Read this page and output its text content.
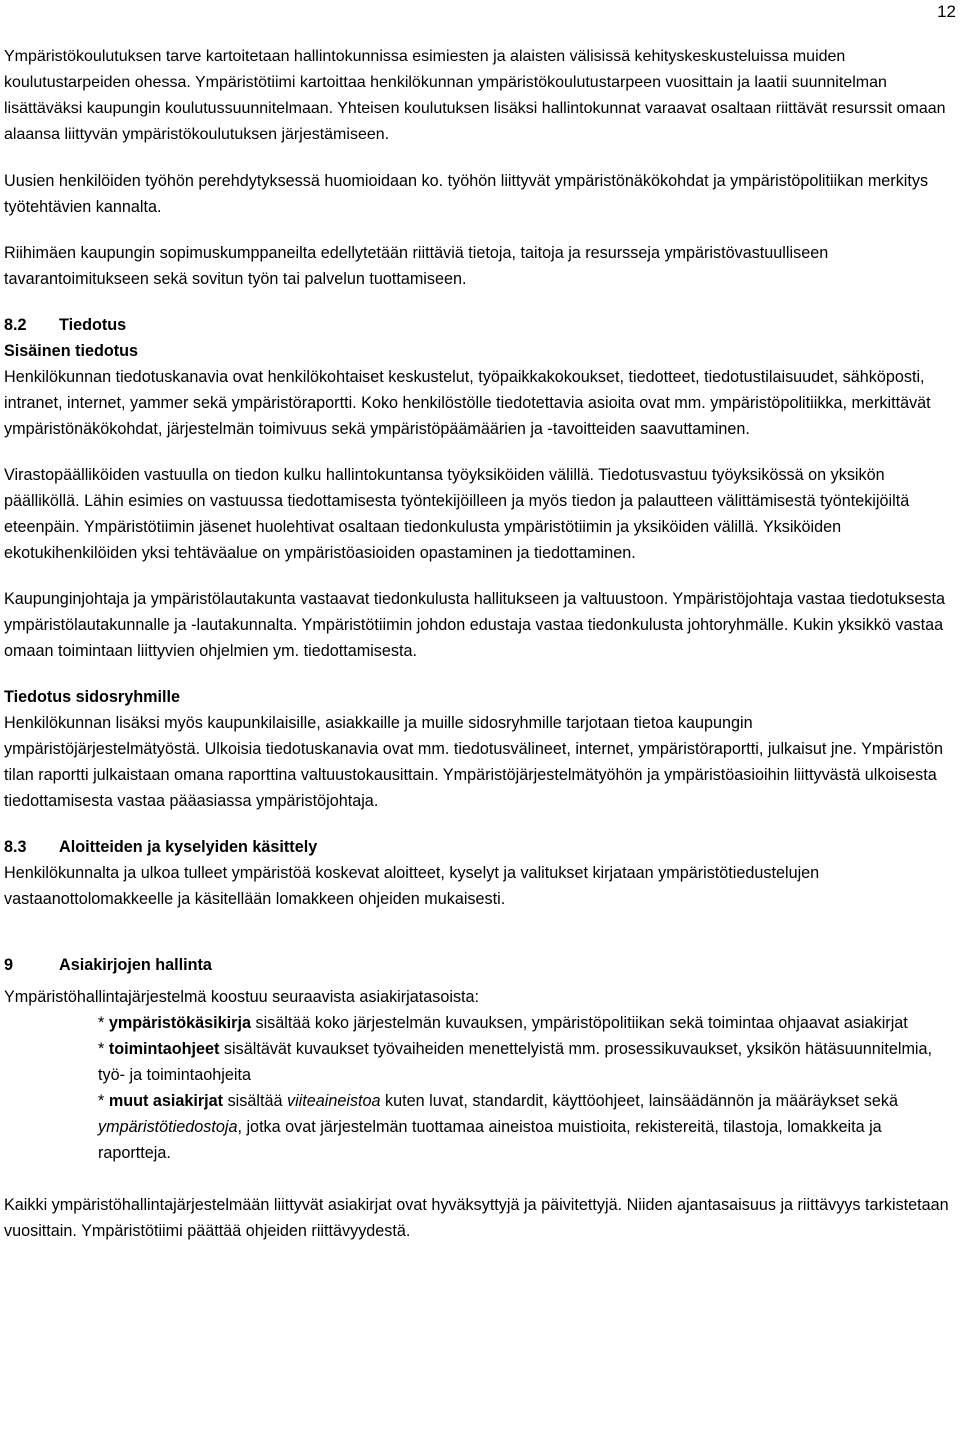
12

Ympäristökoulutuksen tarve kartoitetaan hallintokunnissa esimiesten ja alaisten välisissä kehityskeskusteluissa muiden koulutustarpeiden ohessa. Ympäristötiimi kartoittaa henkilökunnan ympäristökoulutustarpeen vuosittain ja laatii suunnitelman lisättäväksi kaupungin koulutussuunnitelmaan. Yhteisen koulutuksen lisäksi hallintokunnat varaavat osaltaan riittävät resurssit omaan alaansa liittyvän ympäristökoulutuksen järjestämiseen.

Uusien henkilöiden työhön perehdytyksessä huomioidaan ko. työhön liittyvät ympäristönäkökohdat ja ympäristöpolitiikan merkitys työtehtävien kannalta.

Riihimäen kaupungin sopimuskumppaneilta edellytetään riittäviä tietoja, taitoja ja resursseja ympäristövastuulliseen tavarantoimitukseen sekä sovitun työn tai palvelun tuottamiseen.

8.2 Tiedotus

Sisäinen tiedotus

Henkilökunnan tiedotuskanavia ovat henkilökohtaiset keskustelut, työpaikkakokoukset, tiedotteet, tiedotustilaisuudet, sähköposti, intranet, internet, yammer sekä ympäristöraportti. Koko henkilöstölle tiedotettavia asioita ovat mm. ympäristöpolitiikka, merkittävät ympäristönäkökohdat, järjestelmän toimivuus sekä ympäristöpäämäärien ja -tavoitteiden saavuttaminen.

Virastopäälliköiden vastuulla on tiedon kulku hallintokuntansa työyksiköiden välillä. Tiedotusvastuu työyksikössä on yksikön päälliköllä. Lähin esimies on vastuussa tiedottamisesta työntekijöilleen ja myös tiedon ja palautteen välittämisestä työntekijöiltä eteenpäin. Ympäristötiimin jäsenet huolehtivat osaltaan tiedonkulusta ympäristötiimin ja yksiköiden välillä. Yksiköiden ekotukihenkilöiden yksi tehtäväalue on ympäristöasioiden opastaminen ja tiedottaminen.

Kaupunginjohtaja ja ympäristölautakunta vastaavat tiedonkulusta hallitukseen ja valtuustoon. Ympäristöjohtaja vastaa tiedotuksesta ympäristölautakunnalle ja -lautakunnalta. Ympäristötiimin johdon edustaja vastaa tiedonkulusta johtoryhmälle. Kukin yksikkö vastaa omaan toimintaan liittyvien ohjelmien ym. tiedottamisesta.

Tiedotus sidosryhmille

Henkilökunnan lisäksi myös kaupunkilaisille, asiakkaille ja muille sidosryhmille tarjotaan tietoa kaupungin ympäristöjärjestelmätyöstä. Ulkoisia tiedotuskanavia ovat mm. tiedotusvälineet, internet, ympäristöraportti, julkaisut jne. Ympäristön tilan raportti julkaistaan omana raporttina valtuustokausittain. Ympäristöjärjestelmätyöhön ja ympäristöasioihin liittyvästä ulkoisesta tiedottamisesta vastaa pääasiassa ympäristöjohtaja.

8.3 Aloitteiden ja kyselyiden käsittely

Henkilökunnalta ja ulkoa tulleet ympäristöä koskevat aloitteet, kyselyt ja valitukset kirjataan ympäristötiedustelujen vastaanottolomakkeelle ja käsitellään lomakkeen ohjeiden mukaisesti.

9	Asiakirjojen hallinta

Ympäristöhallintajärjestelmä koostuu seuraavista asiakirjatasoista:

* ympäristökäsikirja sisältää koko järjestelmän kuvauksen, ympäristöpolitiikan sekä toimintaa ohjaavat asiakirjat

* toimintaohjeet sisältävät kuvaukset työvaiheiden menettelyistä mm. prosessikuvaukset, yksikön hätäsuunnitelmia, työ- ja toimintaohjeita

* muut asiakirjat sisältää viiteaineistoa kuten luvat, standardit, käyttöohjeet, lainsäädännön ja määräykset sekä ympäristötiedostoja, jotka ovat järjestelmän tuottamaa aineistoa muistioita, rekistereitä, tilastoja, lomakkeita ja raportteja.

Kaikki ympäristöhallintajärjestelmään liittyvät asiakirjat ovat hyväksyttyjä ja päivitettyjä. Niiden ajantasaisuus ja riittävyys tarkistetaan vuosittain. Ympäristötiimi päättää ohjeiden riittävyydestä.
